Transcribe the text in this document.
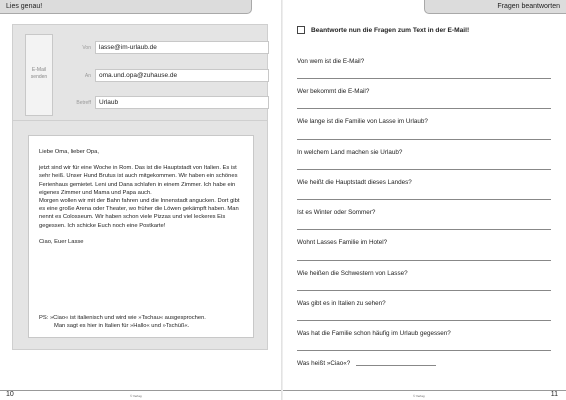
Lies genau!
E-Mail
senden
Von	lasse@im-urlaub.de
An	oma.und.opa@zuhause.de
Betreff	Urlaub

Liebe Oma, lieber Opa,

jetzt sind wir für eine Woche in Rom. Das ist die Hauptstadt von Italien. Es ist sehr heiß. Unser Hund Brutus ist auch mitgekommen. Wir haben ein schönes Ferienhaus gemietet. Leni und Dana schlafen in einem Zimmer. Ich habe ein eigenes Zimmer und Mama und Papa auch.

Morgen wollen wir mit der Bahn fahren und die Innenstadt angucken. Dort gibt es eine große Arena oder Theater, wo früher die Löwen gekämpft haben. Man nennt es Colosseum. Wir haben schon viele Pizzas und viel leckeres Eis gegessen. Ich schicke Euch noch eine Postkarte!

Ciao, Euer Lasse

PS: »Ciao« ist italienisch und wird wie »Tschau« ausgesprochen.
Man sagt es hier in Italien für »Hallo« und »Tschüß«.
10	© Verlag
Fragen beantworten
Beantworte nun die Fragen zum Text in der E-Mail!
Von wem ist die E-Mail?
Wer bekommt die E-Mail?
Wie lange ist die Familie von Lasse im Urlaub?
In welchem Land machen sie Urlaub?
Wie heißt die Hauptstadt dieses Landes?
Ist es Winter oder Sommer?
Wohnt Lasses Familie im Hotel?
Wie heißen die Schwestern von Lasse?
Was gibt es in Italien zu sehen?
Was hat die Familie schon häufig im Urlaub gegessen?
Was heißt »Ciao«?
© Verlag	11
